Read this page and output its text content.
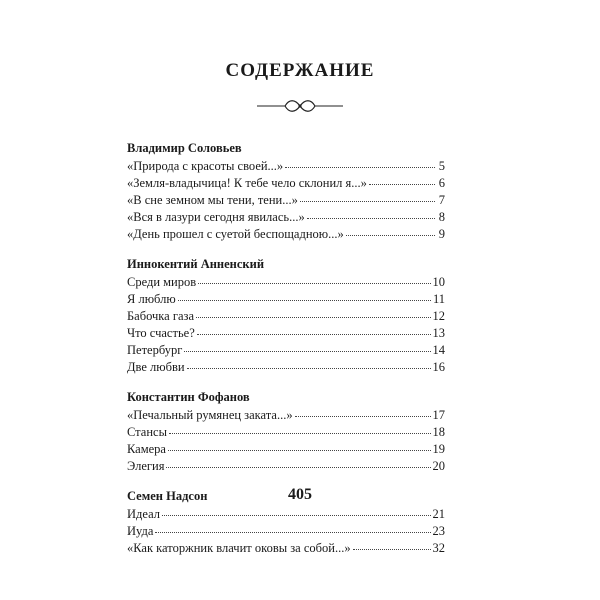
СОДЕРЖАНИЕ
Владимир Соловьев
«Природа с красоты своей...»	5
«Земля-владычица! К тебе чело склонил я...»	6
«В сне земном мы тени, тени...»	7
«Вся в лазури сегодня явилась...»	8
«День прошел с суетой беспощадною...»	9
Иннокентий Анненский
Среди миров	10
Я люблю	11
Бабочка газа	12
Что счастье?	13
Петербург	14
Две любви	16
Константин Фофанов
«Печальный румянец заката...»	17
Стансы	18
Камера	19
Элегия	20
Семен Надсон
Идеал	21
Иуда	23
«Как каторжник влачит оковы за собой...»	32
405
